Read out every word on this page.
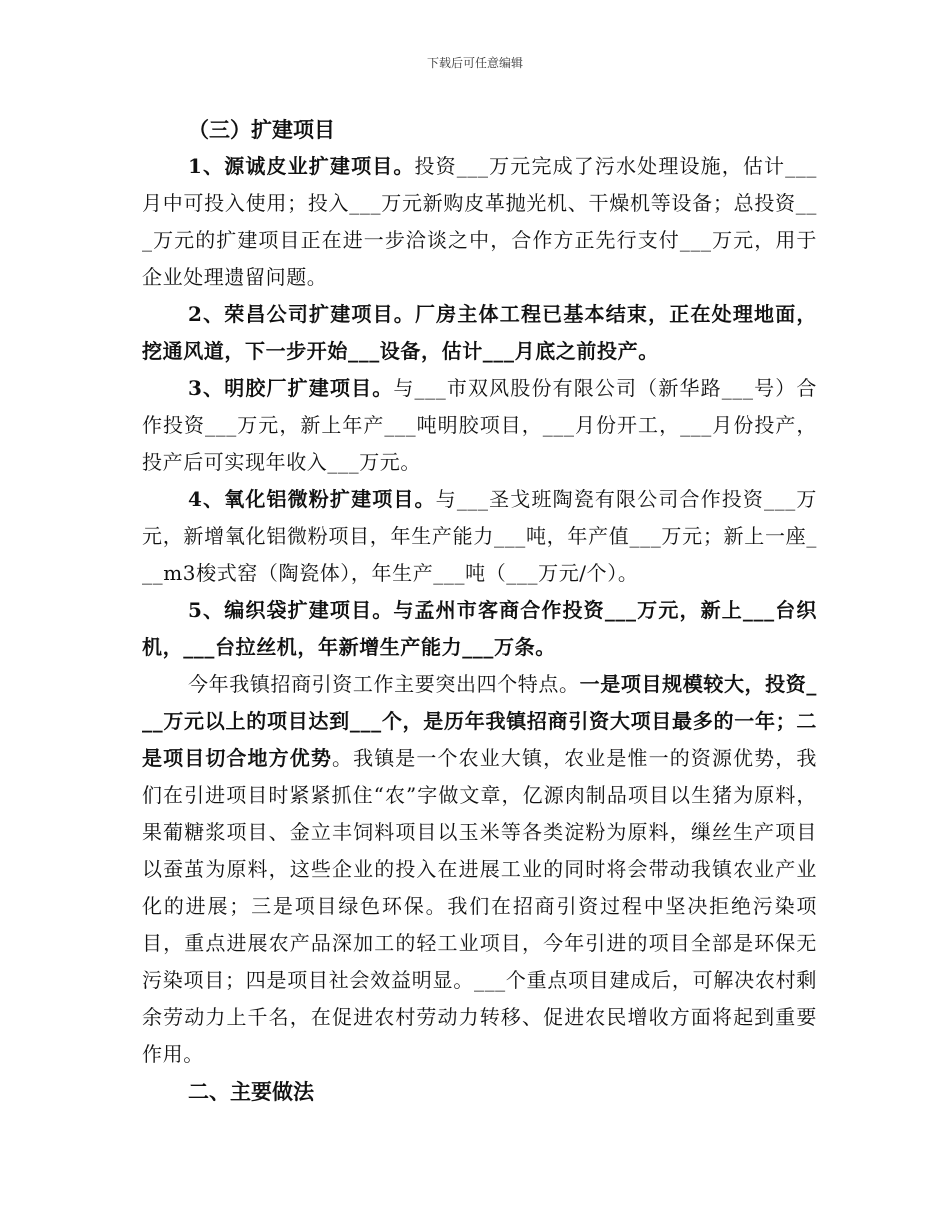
下载后可任意编辑
（三）扩建项目

1、源诚皮业扩建项目。投资___万元完成了污水处理设施，估计___月中可投入使用；投入___万元新购皮革抛光机、干燥机等设备；总投资___万元的扩建项目正在进一步洽谈之中，合作方正先行支付___万元，用于企业处理遗留问题。

2、荣昌公司扩建项目。厂房主体工程已基本结束，正在处理地面，挖通风道，下一步开始___设备，估计___月底之前投产。

3、明胶厂扩建项目。与___市双风股份有限公司（新华路___号）合作投资___万元，新上年产___吨明胶项目，___月份开工，___月份投产，投产后可实现年收入___万元。

4、氧化铝微粉扩建项目。与___圣戈班陶瓷有限公司合作投资___万元，新增氧化铝微粉项目，年生产能力___吨，年产值___万元；新上一座___m3梭式窑（陶瓷体），年生产___吨（___万元/个）。

5、编织袋扩建项目。与孟州市客商合作投资___万元，新上___台织机，___台拉丝机，年新增生产能力___万条。

今年我镇招商引资工作主要突出四个特点。一是项目规模较大，投资___万元以上的项目达到___个，是历年我镇招商引资大项目最多的一年；二是项目切合地方优势。我镇是一个农业大镇，农业是惟一的资源优势，我们在引进项目时紧紧抓住“农”字做文章，亿源肉制品项目以生猪为原料，果葡糖浆项目、金立丰饲料项目以玉米等各类淀粉为原料，缫丝生产项目以蚕茧为原料，这些企业的投入在进展工业的同时将会带动我镇农业产业化的进展；三是项目绿色环保。我们在招商引资过程中坚决拒绝污染项目，重点进展农产品深加工的轻工业项目，今年引进的项目全部是环保无污染项目；四是项目社会效益明显。___个重点项目建成后，可解决农村剩余劳动力上千名，在促进农村劳动力转移、促进农民增收方面将起到重要作用。

二、主要做法
